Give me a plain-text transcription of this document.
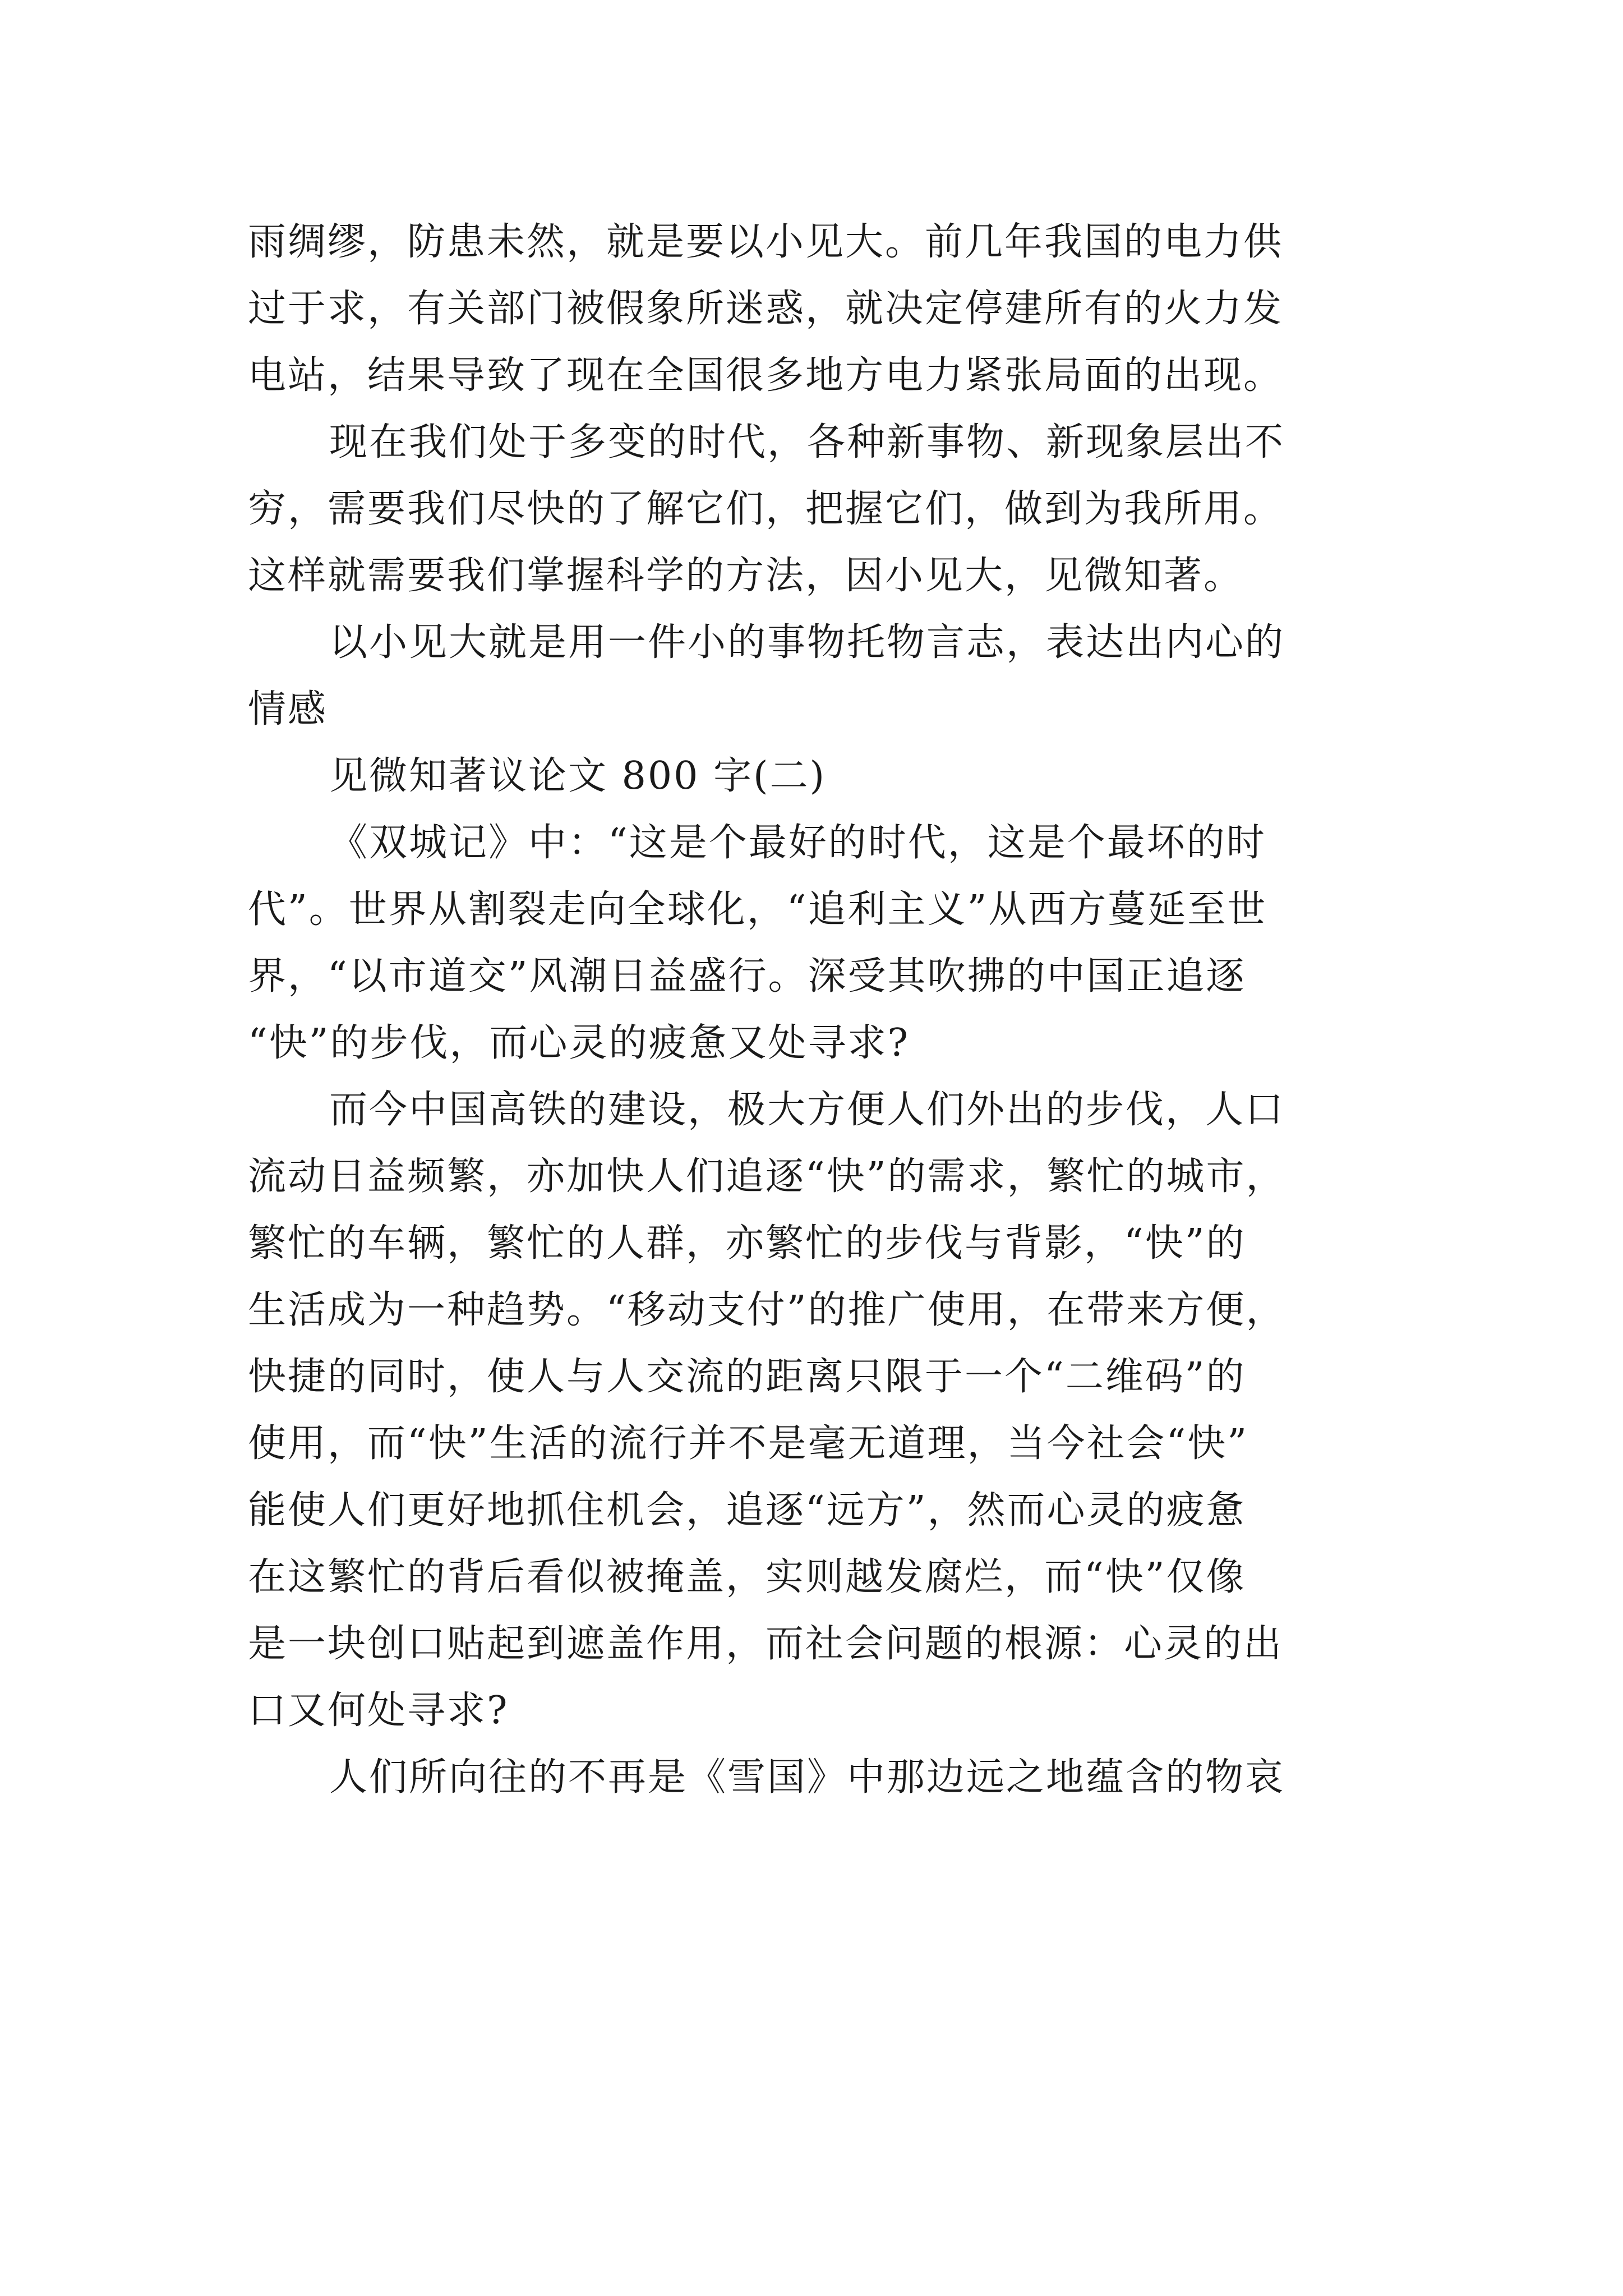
雨绸缪，防患未然，就是要以小见大。前几年我国的电力供
过于求，有关部门被假象所迷惑，就决定停建所有的火力发
电站，结果导致了现在全国很多地方电力紧张局面的出现。
现在我们处于多变的时代，各种新事物、新现象层出不
穷，需要我们尽快的了解它们，把握它们，做到为我所用。
这样就需要我们掌握科学的方法，因小见大，见微知著。
以小见大就是用一件小的事物托物言志，表达出内心的
情感
见微知著议论文 800 字(二)
《双城记》中：“这是个最好的时代，这是个最坏的时
代”。世界从割裂走向全球化，“追利主义”从西方蔓延至世
界，“以市道交”风潮日益盛行。深受其吹拂的中国正追逐
“快”的步伐，而心灵的疲惫又处寻求?
而今中国高铁的建设，极大方便人们外出的步伐，人口
流动日益频繁，亦加快人们追逐“快”的需求，繁忙的城市，
繁忙的车辆，繁忙的人群，亦繁忙的步伐与背影，“快”的
生活成为一种趋势。“移动支付”的推广使用，在带来方便，
快捷的同时，使人与人交流的距离只限于一个“二维码”的
使用，而“快”生活的流行并不是毫无道理，当今社会“快”
能使人们更好地抓住机会，追逐“远方”，然而心灵的疲惫
在这繁忙的背后看似被掩盖，实则越发腐烂，而“快”仅像
是一块创口贴起到遮盖作用，而社会问题的根源：心灵的出
口又何处寻求?
人们所向往的不再是《雪国》中那边远之地蕴含的物哀
